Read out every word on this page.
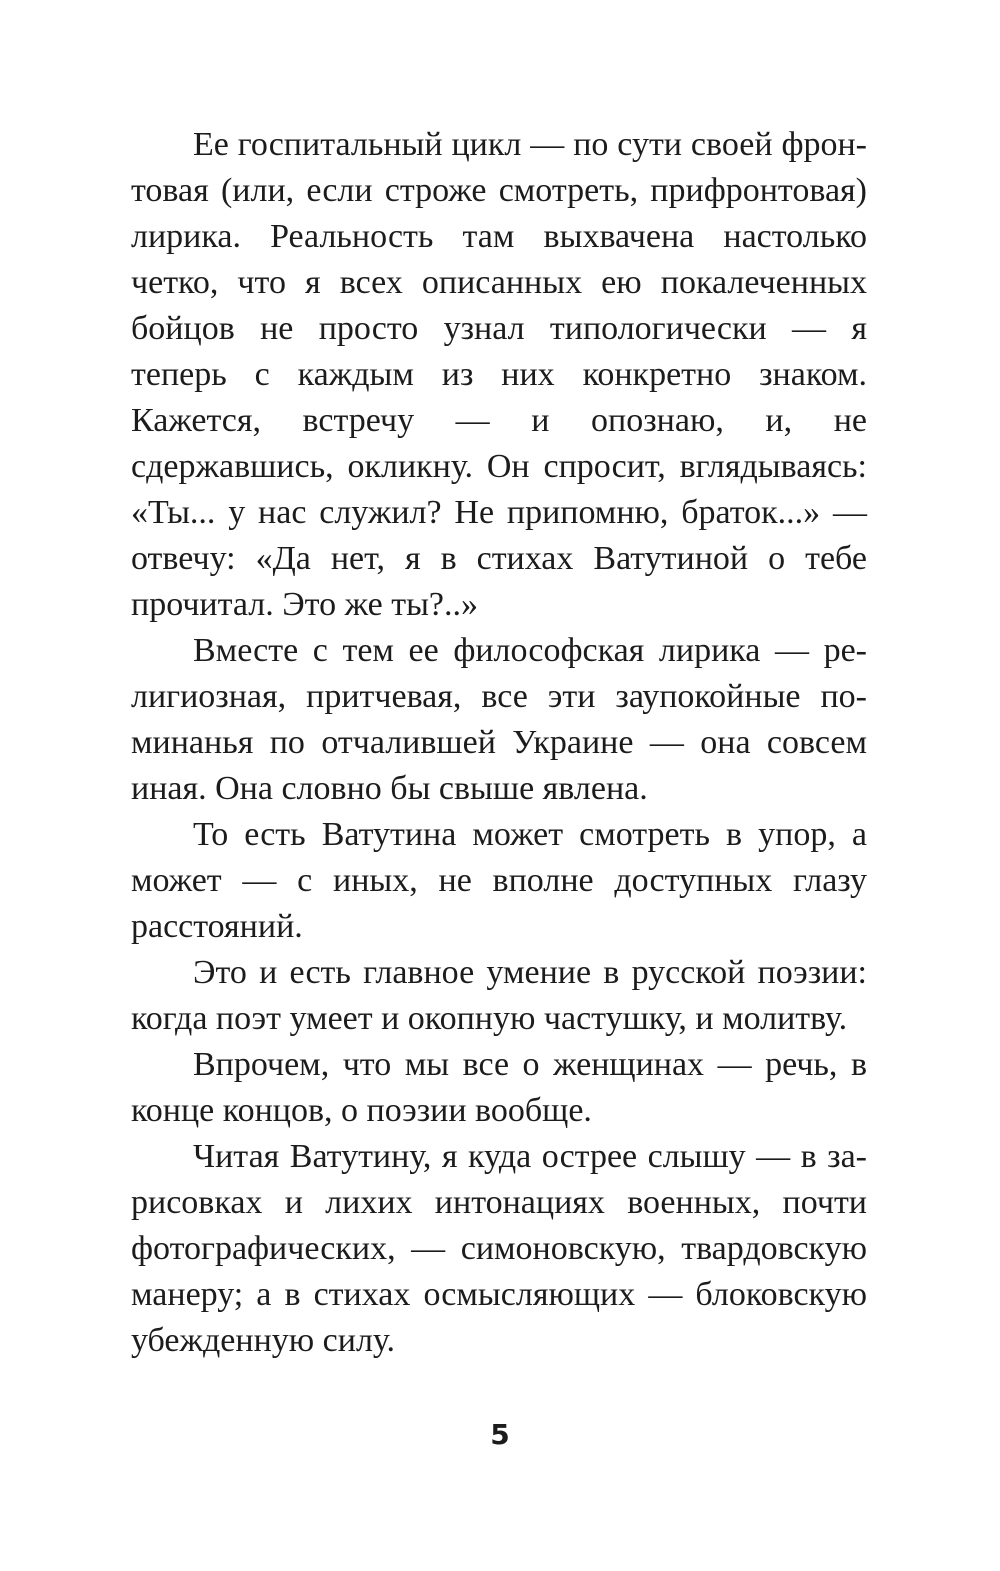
Ее госпитальный цикл — по сути своей фронтовая (или, если строже смотреть, прифронтовая) лирика. Реальность там выхвачена настолько четко, что я всех описанных ею покалеченных бойцов не просто узнал типологически — я теперь с каждым из них конкретно знаком. Кажется, встречу — и опознаю, и, не сдержавшись, окликну. Он спросит, вглядываясь: «Ты... у нас служил? Не припомню, браток...» — отвечу: «Да нет, я в стихах Ватутиной о тебе прочитал. Это же ты?..»

Вместе с тем ее философская лирика — религиозная, притчевая, все эти заупокойные поминанья по отчалившей Украине — она совсем иная. Она словно бы свыше явлена.

То есть Ватутина может смотреть в упор, а может — с иных, не вполне доступных глазу расстояний.

Это и есть главное умение в русской поэзии: когда поэт умеет и окопную частушку, и молитву.

Впрочем, что мы все о женщинах — речь, в конце концов, о поэзии вообще.

Читая Ватутину, я куда острее слышу — в зарисовках и лихих интонациях военных, почти фотографических, — симоновскую, твардовскую манеру; а в стихах осмысляющих — блоковскую убежденную силу.

5
